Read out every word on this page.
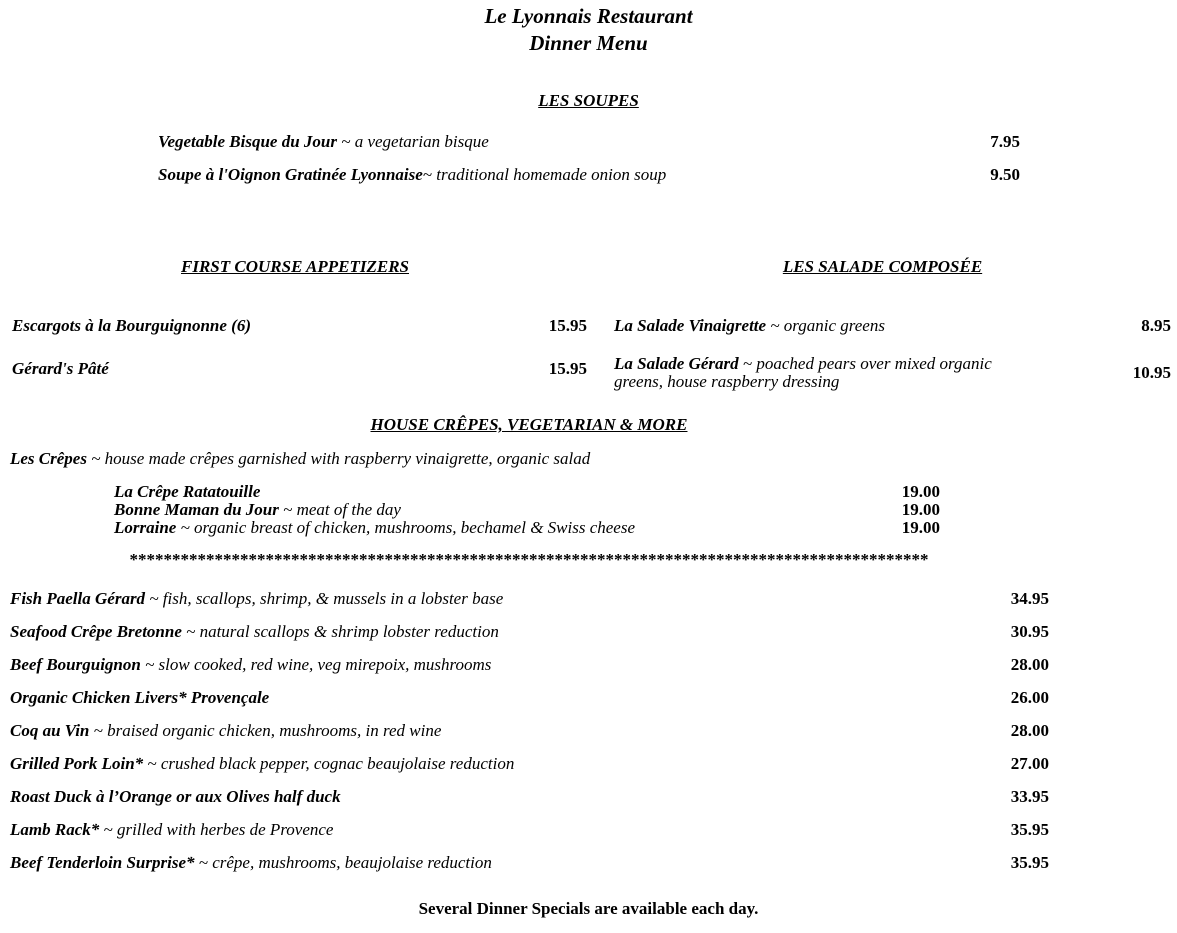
Le Lyonnais Restaurant
Dinner Menu
LES SOUPES
Vegetable Bisque du Jour ~ a vegetarian bisque	7.95
Soupe à l'Oignon Gratinée Lyonnaise~ traditional homemade onion soup	9.50
FIRST COURSE APPETIZERS
Escargots à la Bourguignonne (6)	15.95
Gérard's Pâté	15.95
LES SALADE COMPOSÉE
La Salade Vinaigrette ~ organic greens	8.95
La Salade Gérard ~ poached pears over mixed organic greens, house raspberry dressing	10.95
HOUSE CRÊPES, VEGETARIAN & MORE
Les Crêpes ~ house made crêpes garnished with raspberry vinaigrette, organic salad
La Crêpe Ratatouille	19.00
Bonne Maman du Jour ~ meat of the day	19.00
Lorraine ~ organic breast of chicken, mushrooms, bechamel & Swiss cheese	19.00
**********************************************************************************************
Fish Paella Gérard ~ fish, scallops, shrimp, & mussels in a lobster base	34.95
Seafood Crêpe Bretonne ~ natural scallops & shrimp lobster reduction	30.95
Beef Bourguignon ~ slow cooked, red wine, veg mirepoix, mushrooms	28.00
Organic Chicken Livers* Provençale	26.00
Coq au Vin ~ braised organic chicken, mushrooms, in red wine	28.00
Grilled Pork Loin* ~ crushed black pepper, cognac beaujolaise reduction	27.00
Roast Duck à l’Orange or aux Olives half duck	33.95
Lamb Rack* ~ grilled with herbes de Provence	35.95
Beef Tenderloin Surprise* ~ crêpe, mushrooms, beaujolaise reduction	35.95
Several Dinner Specials are available each day.
